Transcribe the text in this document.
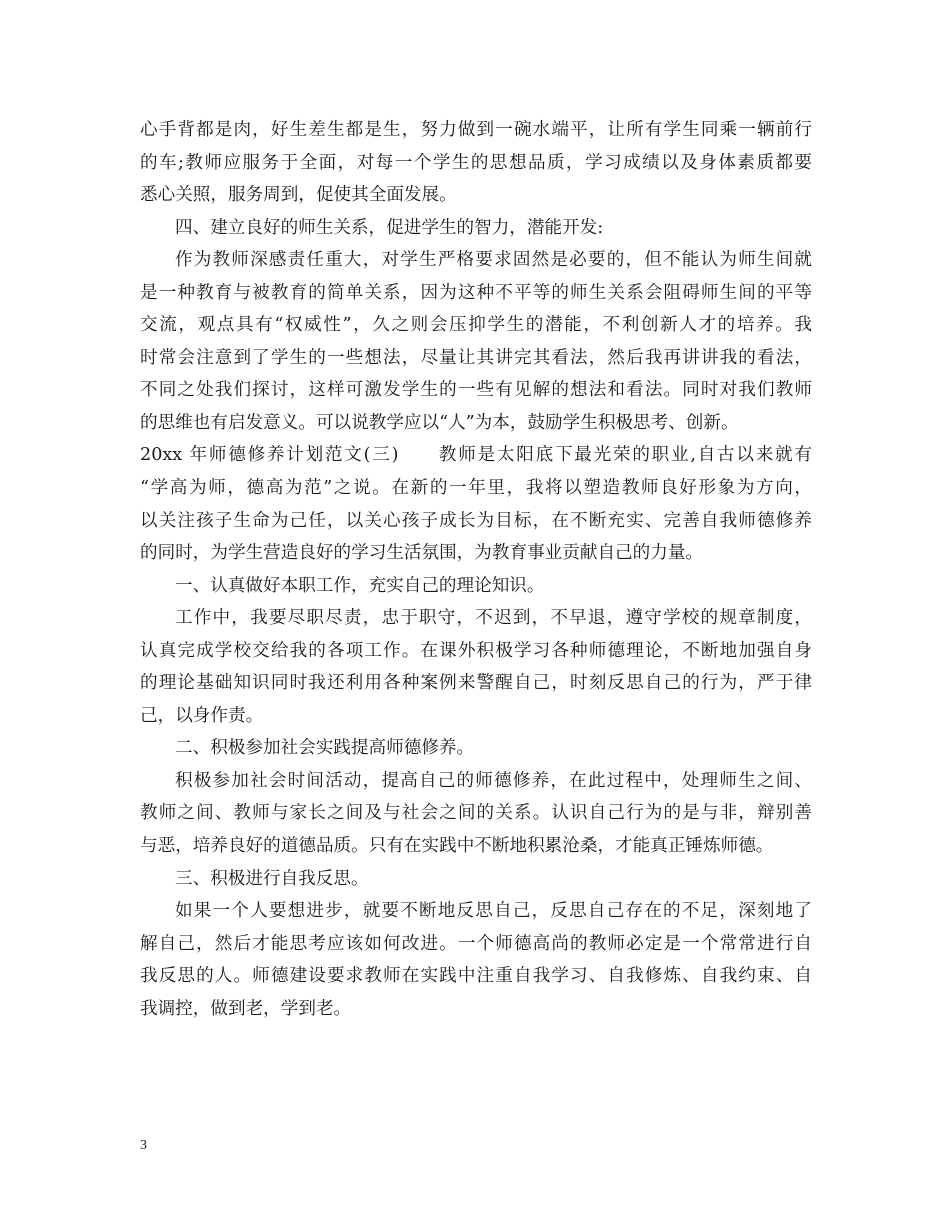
心手背都是肉，好生差生都是生，努力做到一碗水端平，让所有学生同乘一辆前行
的车;教师应服务于全面，对每一个学生的思想品质，学习成绩以及身体素质都要
悉心关照，服务周到，促使其全面发展。
四、建立良好的师生关系，促进学生的智力，潜能开发:
作为教师深感责任重大，对学生严格要求固然是必要的，但不能认为师生间就
是一种教育与被教育的简单关系，因为这种不平等的师生关系会阻碍师生间的平等
交流，观点具有“权威性”，久之则会压抑学生的潜能，不利创新人才的培养。我
时常会注意到了学生的一些想法，尽量让其讲完其看法，然后我再讲讲我的看法，
不同之处我们探讨，这样可激发学生的一些有见解的想法和看法。同时对我们教师
的思维也有启发意义。可以说教学应以“人”为本，鼓励学生积极思考、创新。
20xx 年师德修养计划范文(三)　　教师是太阳底下最光荣的职业,自古以来就有
“学高为师，德高为范”之说。在新的一年里，我将以塑造教师良好形象为方向，
以关注孩子生命为己任，以关心孩子成长为目标，在不断充实、完善自我师德修养
的同时，为学生营造良好的学习生活氛围，为教育事业贡献自己的力量。
一、认真做好本职工作，充实自己的理论知识。
工作中，我要尽职尽责，忠于职守，不迟到，不早退，遵守学校的规章制度，
认真完成学校交给我的各项工作。在课外积极学习各种师德理论，不断地加强自身
的理论基础知识同时我还利用各种案例来警醒自己，时刻反思自己的行为，严于律
己，以身作责。
二、积极参加社会实践提高师德修养。
积极参加社会时间活动，提高自己的师德修养，在此过程中，处理师生之间、
教师之间、教师与家长之间及与社会之间的关系。认识自己行为的是与非，辩别善
与恶，培养良好的道德品质。只有在实践中不断地积累沧桑，才能真正锤炼师德。
三、积极进行自我反思。
如果一个人要想进步，就要不断地反思自己，反思自己存在的不足，深刻地了
解自己，然后才能思考应该如何改进。一个师德高尚的教师必定是一个常常进行自
我反思的人。师德建设要求教师在实践中注重自我学习、自我修炼、自我约束、自
我调控，做到老，学到老。
3
